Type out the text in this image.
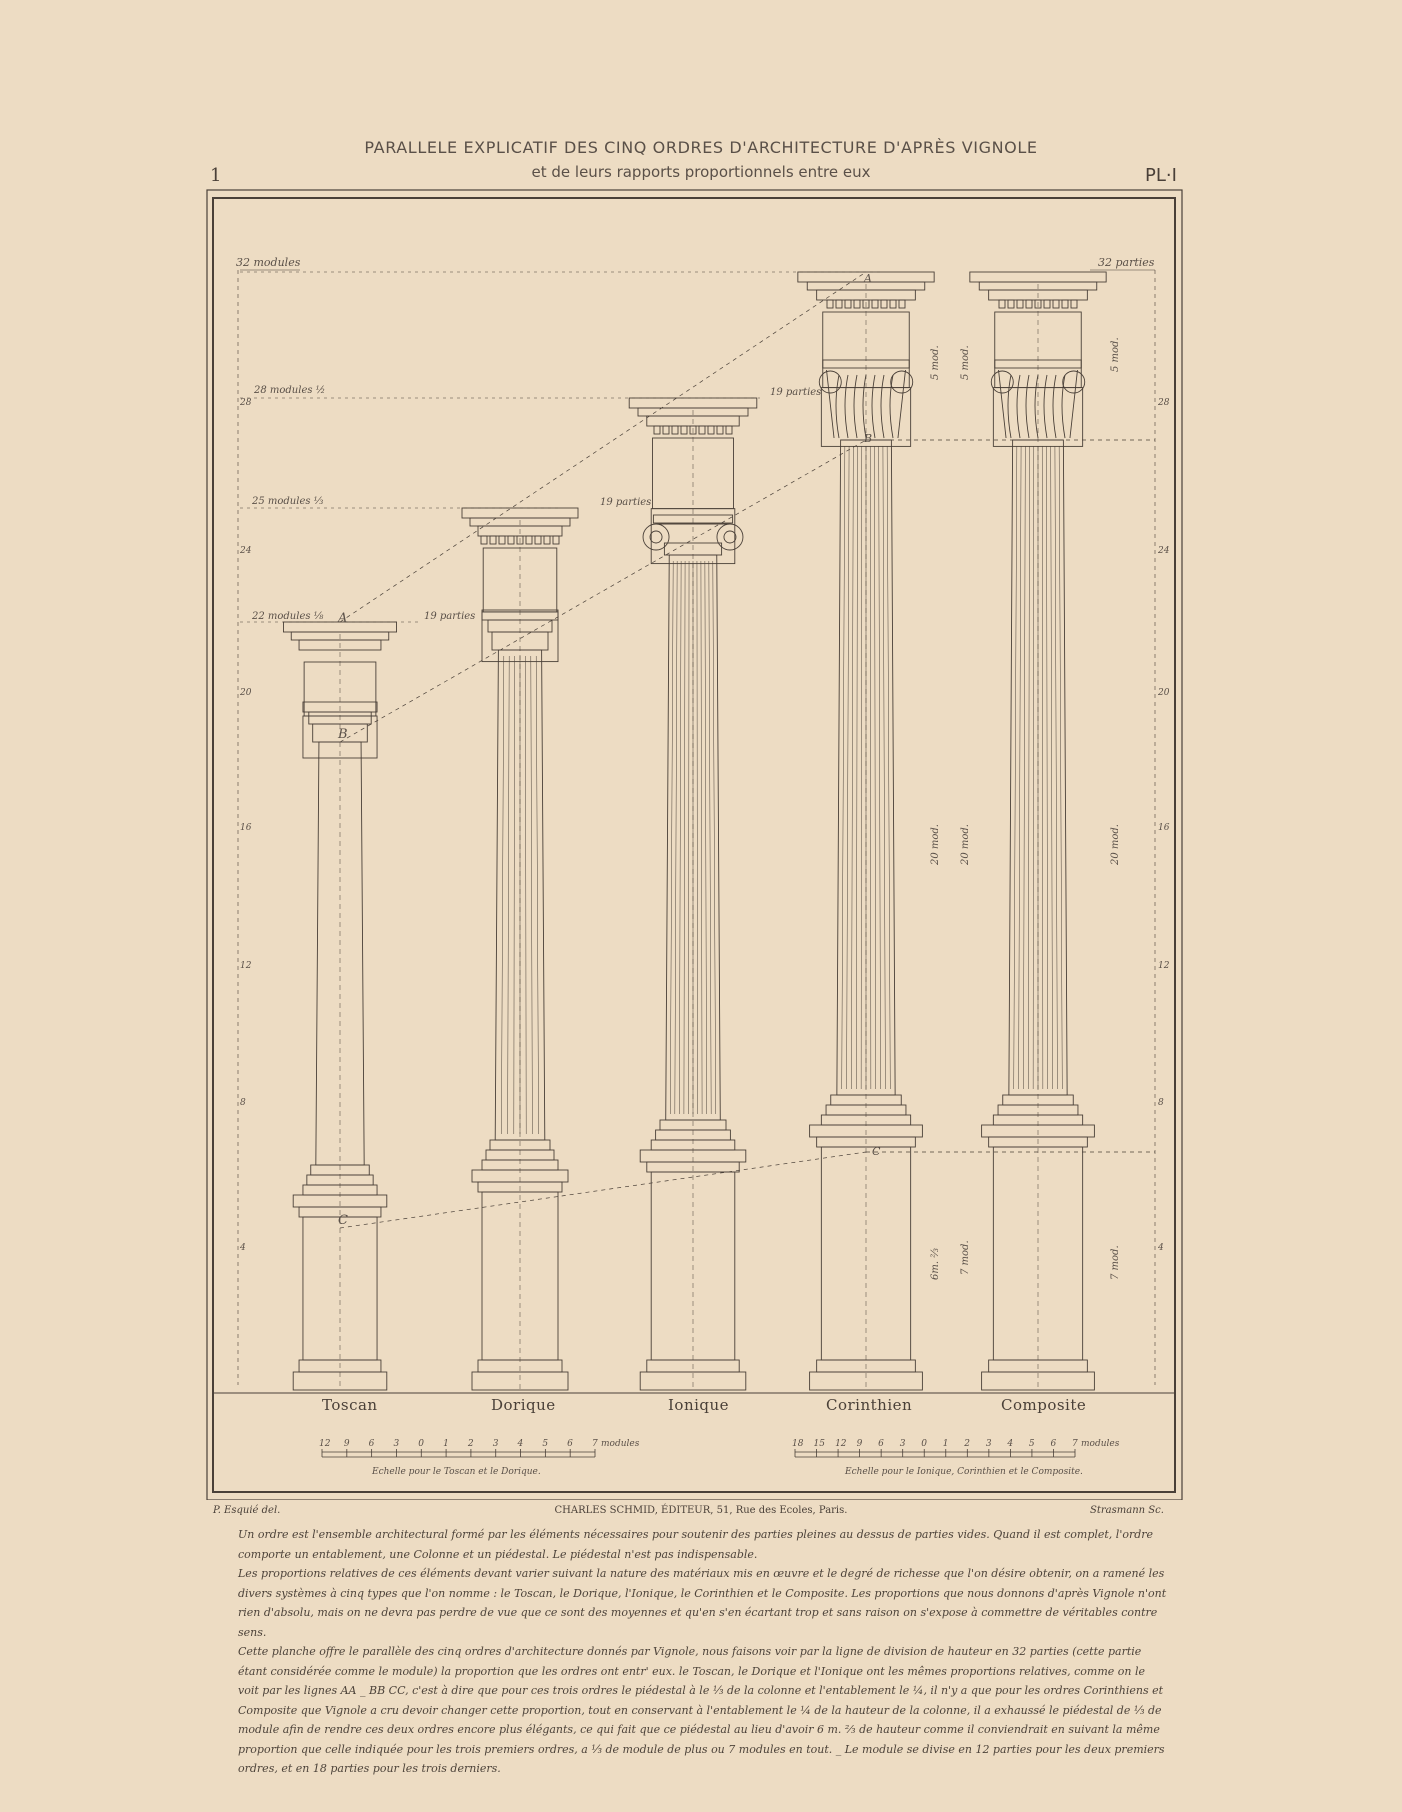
PARALLELE EXPLICATIF DES CINQ ORDRES D'ARCHITECTURE D'APRÈS VIGNOLE
et de leurs rapports proportionnels entre eux
1	PL·I
32 modules	32 parties
28 modules ½
25 modules ⅓
22 modules ⅛	19 parties
19 parties
19 parties
A
B
C
A
B
C
5 mod. 5 mod.	5 mod.
20 mod. 20 mod.	20 mod.
6m. ⅔ 7 mod.	7 mod.
28	28
24	24
20	20
16	16
12	12
8	8
4	4
12 9 6 3 0 1 2 3 4 5 6 7 modules
Echelle pour le Toscan et le Dorique.
18 15 12 9 6 3 0 1 2 3 4 5 6 7 modules
Echelle pour le Ionique, Corinthien et le Composite.
Toscan	Dorique	Ionique	Corinthien	Composite
P. Esquié del.	CHARLES SCHMID, ÉDITEUR, 51, Rue des Ecoles, Paris.	Strasmann Sc.

Un ordre est l'ensemble architectural formé par les éléments nécessaires pour soutenir des parties pleines au dessus de parties vides. Quand il est complet, l'ordre comporte un entablement, une Colonne et un piédestal. Le piédestal n'est pas indispensable.

Les proportions relatives de ces éléments devant varier suivant la nature des matériaux mis en œuvre et le degré de richesse que l'on désire obtenir, on a ramené les divers systèmes à cinq types que l'on nomme : le Toscan, le Dorique, l'Ionique, le Corinthien et le Composite. Les proportions que nous donnons d'après Vignole n'ont rien d'absolu, mais on ne devra pas perdre de vue que ce sont des moyennes et qu'en s'en écartant trop et sans raison on s'expose à commettre de véritables contre sens.

Cette planche offre le parallèle des cinq ordres d'architecture donnés par Vignole, nous faisons voir par la ligne de division de hauteur en 32 parties (cette partie étant considérée comme le module) la proportion que les ordres ont entr' eux. le Toscan, le Dorique et l'Ionique ont les mêmes proportions relatives, comme on le voit par les lignes AA _ BB CC, c'est à dire que pour ces trois ordres le piédestal à le ⅓ de la colonne et l'entablement le ¼, il n'y a que pour les ordres Corinthiens et Composite que Vignole a cru devoir changer cette proportion, tout en conservant à l'entablement le ¼ de la hauteur de la colonne, il a exhaussé le piédestal de ⅓ de module afin de rendre ces deux ordres encore plus élégants, ce qui fait que ce piédestal au lieu d'avoir 6 m. ⅔ de hauteur comme il conviendrait en suivant la même proportion que celle indiquée pour les trois premiers ordres, a ⅓ de module de plus ou 7 modules en tout. _ Le module se divise en 12 parties pour les deux premiers ordres, et en 18 parties pour les trois derniers.
